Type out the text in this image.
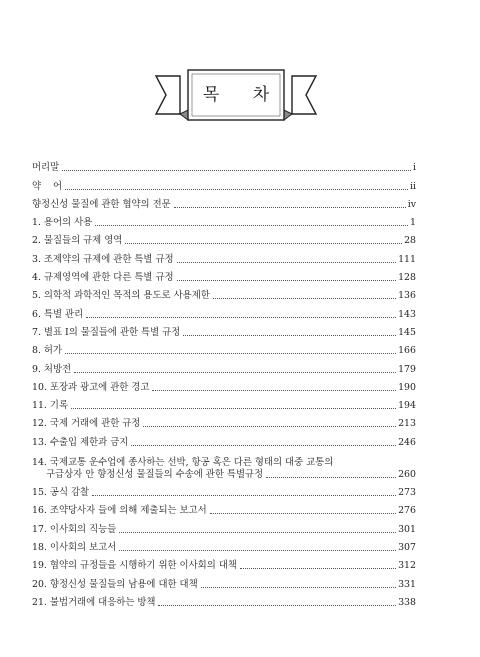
목 차
머리말	i
약    어	ii
향정신성 물질에 관한 협약의 전문	iv
1. 용어의 사용	1
2. 물질들의 규제 영역	28
3. 조제약의 규제에 관한 특별 규정	111
4. 규제영역에 관한 다른 특별 규정	128
5. 의학적 과학적인 목적의 용도로 사용제한	136
6. 특별 관리	143
7. 별표 I의 물질들에 관한 특별 규정	145
8. 허가	166
9. 처방전	179
10. 포장과 광고에 관한 경고	190
11. 기록	194
12. 국제 거래에 관한 규정	213
13. 수출입 제한과 금지	246
14. 국제교통 운수업에 종사하는 선박, 항공 혹은 다른 형태의 대중 교통의
구급상자 안 향정신성 물질들의 수송에 관한 특별규정	260
15. 공식 감찰	273
16. 조약당사자 들에 의해 제출되는 보고서	276
17. 이사회의 직능들	301
18. 이사회의 보고서	307
19. 협약의 규정들을 시행하기 위한 이사회의 대책	312
20. 향정신성 물질들의 남용에 대한 대책	331
21. 불법거래에 대응하는 방책	338
